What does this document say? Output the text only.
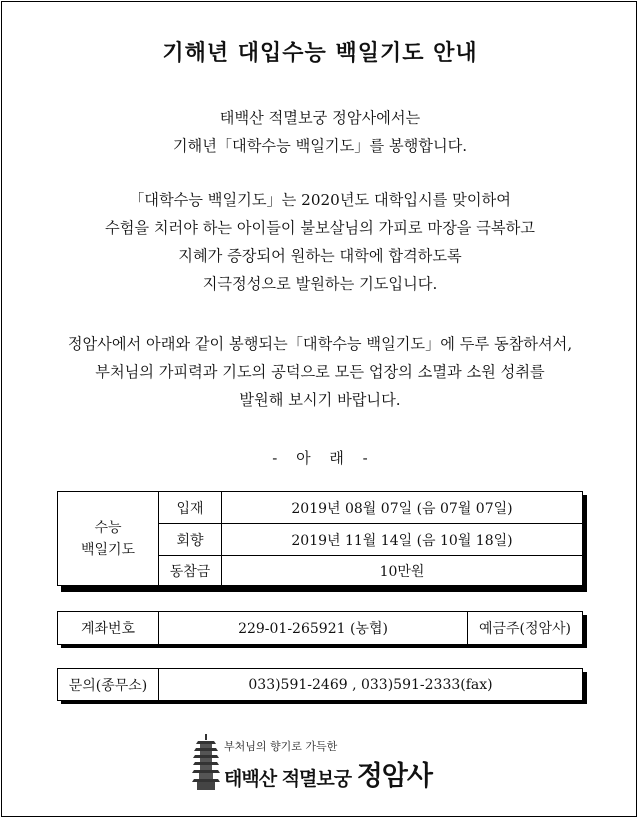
기해년 대입수능 백일기도 안내
태백산 적멸보궁 정암사에서는
기해년「대학수능 백일기도」를 봉행합니다.
「대학수능 백일기도」는 2020년도 대학입시를 맞이하여
수험을 치러야 하는 아이들이 불보살님의 가피로 마장을 극복하고
지혜가 증장되어 원하는 대학에 합격하도록
지극정성으로 발원하는 기도입니다.
정암사에서 아래와 같이 봉행되는「대학수능 백일기도」에 두루 동참하셔서,
부처님의 가피력과 기도의 공덕으로 모든 업장의 소멸과 소원 성취를
발원해 보시기 바랍니다.
- 아 래 -
수능
백일기도	입재	2019년 08월 07일 (음 07월 07일)
	회향	2019년 11월 14일 (음 10월 18일)
	동참금	10만원
계좌번호	229-01-265921 (농협)	예금주(정암사)
문의(종무소)	033)591-2469 , 033)591-2333(fax)
부처님의 향기로 가득한
태백산 적멸보궁 정암사
